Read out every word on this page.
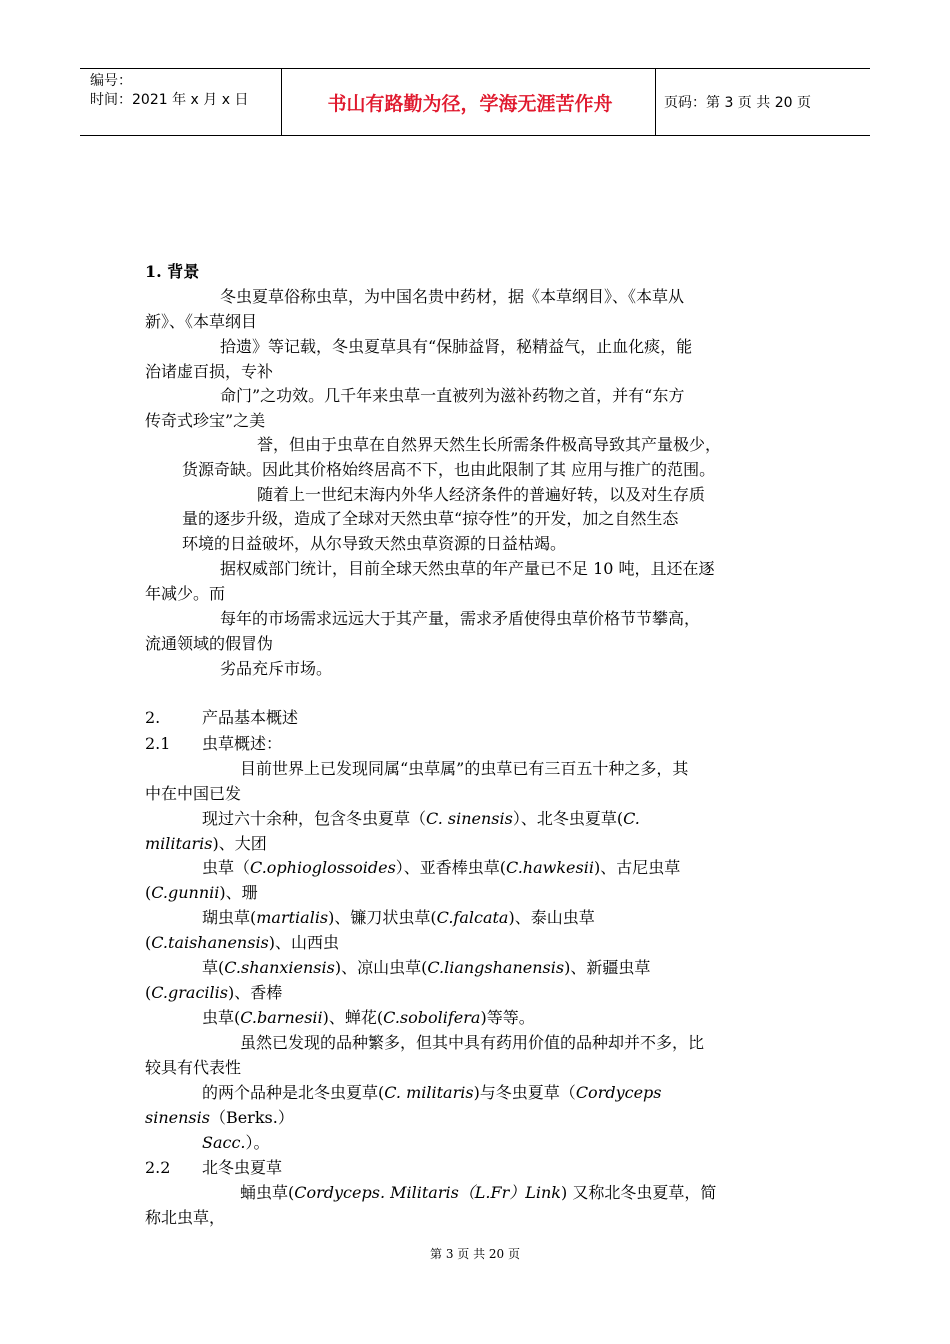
编号：
时间：2021 年 x 月 x 日	书山有路勤为径，学海无涯苦作舟	页码：第 3 页 共 20 页
1. 背景
冬虫夏草俗称虫草，为中国名贵中药材，据《本草纲目》、《本草从
新》、《本草纲目
拾遗》等记载，冬虫夏草具有“保肺益肾，秘精益气，止血化痰，能
治诸虚百损，专补
命门”之功效。几千年来虫草一直被列为滋补药物之首，并有“东方
传奇式珍宝”之美
誉，但由于虫草在自然界天然生长所需条件极高导致其产量极少，
货源奇缺。因此其价格始终居高不下，也由此限制了其 应用与推广的范围。
随着上一世纪末海内外华人经济条件的普遍好转，以及对生存质
量的逐步升级，造成了全球对天然虫草“掠夺性”的开发，加之自然生态
环境的日益破坏，从尔导致天然虫草资源的日益枯竭。
据权威部门统计，目前全球天然虫草的年产量已不足 10 吨，且还在逐
年减少。而
每年的市场需求远远大于其产量，需求矛盾使得虫草价格节节攀高，
流通领域的假冒伪
劣品充斥市场。
2.	产品基本概述
2.1 虫草概述：
目前世界上已发现同属“虫草属”的虫草已有三百五十种之多，其
中在中国已发
现过六十余种，包含冬虫夏草（C. sinensis）、北冬虫夏草(C.
militaris)、大团
虫草（C.ophioglossoides）、亚香棒虫草(C.hawkesii)、古尼虫草
(C.gunnii)、珊
瑚虫草(martialis)、镰刀状虫草(C.falcata)、泰山虫草
(C.taishanensis)、山西虫
草(C.shanxiensis)、凉山虫草(C.liangshanensis)、新疆虫草
(C.gracilis)、香棒
虫草(C.barnesii)、蝉花(C.sobolifera)等等。
虽然已发现的品种繁多，但其中具有药用价值的品种却并不多，比
较具有代表性
的两个品种是北冬虫夏草(C. militaris)与冬虫夏草（Cordyceps
sinensis（Berks.）
Sacc.）。
2.2 北冬虫夏草
蛹虫草(Cordyceps. Militaris（L.Fr）Link) 又称北冬虫夏草，简
称北虫草，
第 3 页 共 20 页
